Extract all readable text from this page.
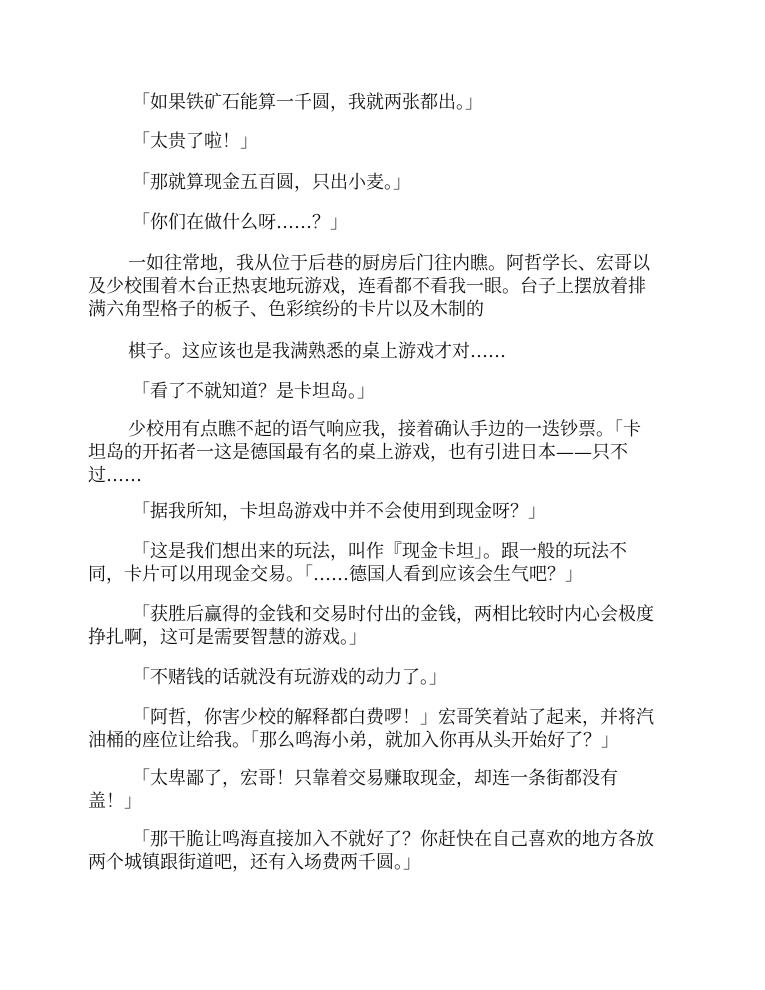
「如果铁矿石能算一千圆，我就两张都出。」

「太贵了啦！」

「那就算现金五百圆，只出小麦。」

「你们在做什么呀……？」

一如往常地，我从位于后巷的厨房后门往内瞧。阿哲学长、宏哥以
及少校围着木台正热衷地玩游戏，连看都不看我一眼。台子上摆放着排
满六角型格子的板子、色彩缤纷的卡片以及木制的

棋子。这应该也是我满熟悉的桌上游戏才对……

「看了不就知道？是卡坦岛。」

少校用有点瞧不起的语气响应我，接着确认手边的一迭钞票。「卡
坦岛的开拓者一这是德国最有名的桌上游戏，也有引进日本——只不
过……

「据我所知，卡坦岛游戏中并不会使用到现金呀？」

「这是我们想出来的玩法，叫作『现金卡坦」。跟一般的玩法不
同，卡片可以用现金交易。「……德国人看到应该会生气吧？」

「获胜后赢得的金钱和交易时付出的金钱，两相比较时内心会极度
挣扎啊，这可是需要智慧的游戏。」

「不赌钱的话就没有玩游戏的动力了。」

「阿哲，你害少校的解释都白费啰！」宏哥笑着站了起来，并将汽
油桶的座位让给我。「那么鸣海小弟，就加入你再从头开始好了？」

「太卑鄙了，宏哥！只靠着交易赚取现金，却连一条街都没有
盖！」

「那干脆让鸣海直接加入不就好了？你赶快在自己喜欢的地方各放
两个城镇跟街道吧，还有入场费两千圆。」
